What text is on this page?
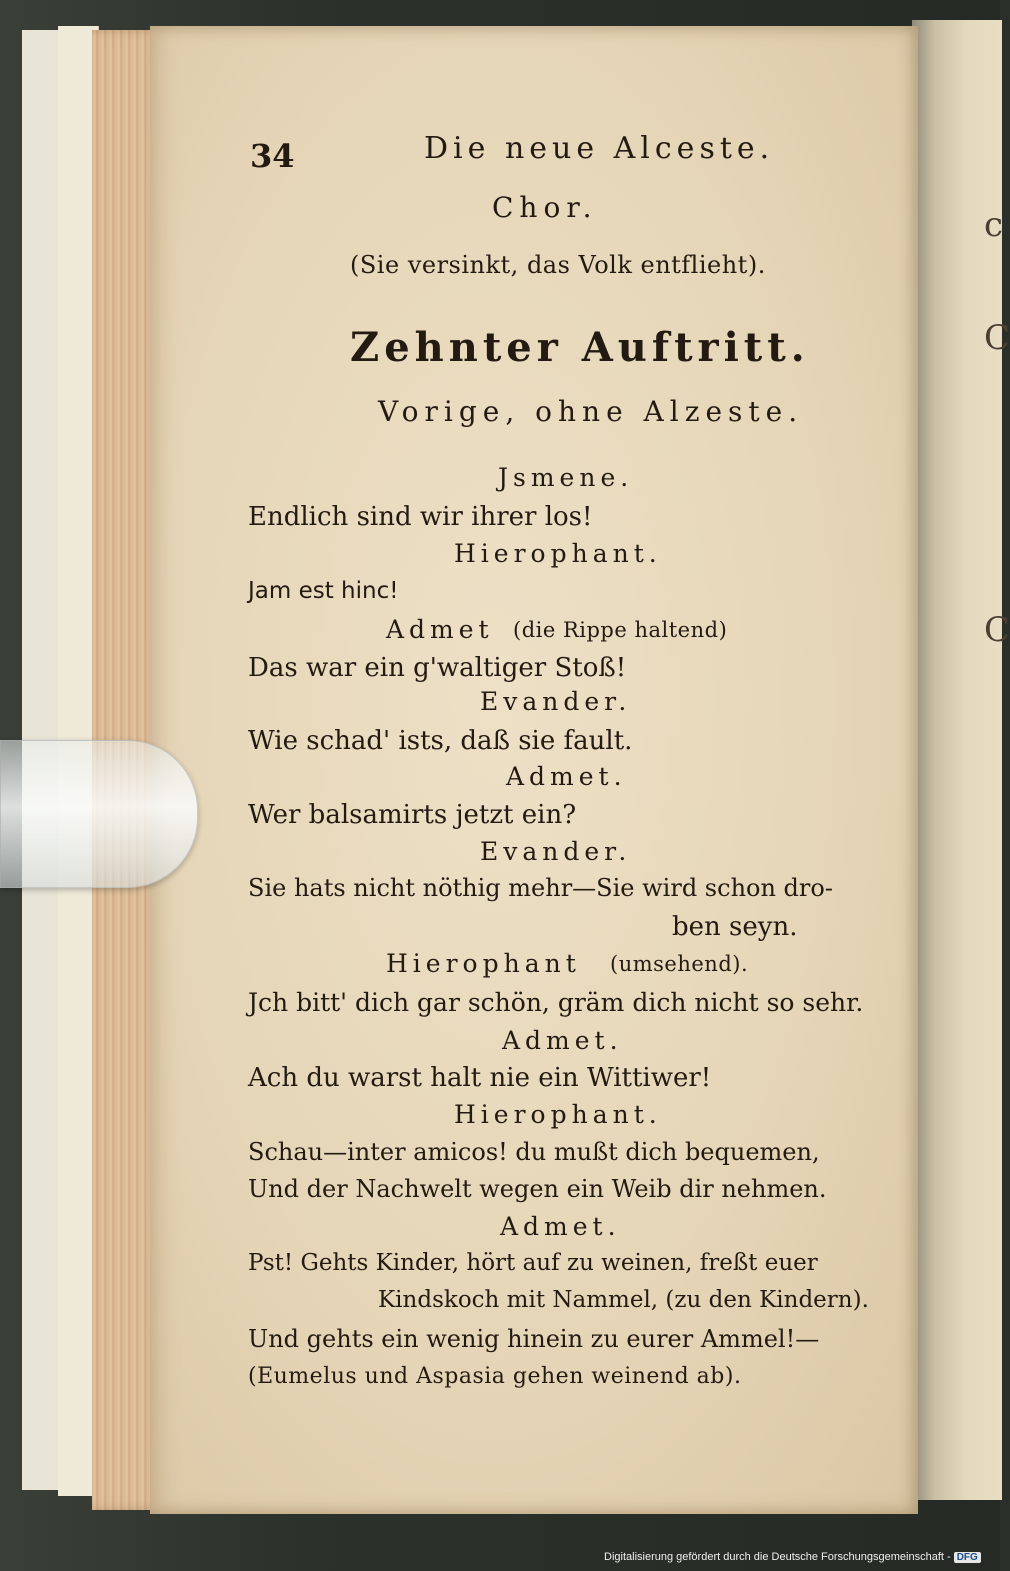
c
C
C
34	Die neue Alceste.
Chor.
(Sie versinkt, das Volk entflieht).
Zehnter Auftritt.
Vorige, ohne Alzeste.
Jsmene.
Endlich sind wir ihrer los!
Hierophant.
Jam est hinc!
Admet (die Rippe haltend)
Das war ein g'waltiger Stoß!
Evander.
Wie schad' ists, daß sie fault.
Admet.
Wer balsamirts jetzt ein?
Evander.
Sie hats nicht nöthig mehr—Sie wird schon dro-
ben seyn.
Hierophant (umsehend).
Jch bitt' dich gar schön, gräm dich nicht so sehr.
Admet.
Ach du warst halt nie ein Wittiwer!
Hierophant.
Schau—inter amicos! du mußt dich bequemen,
Und der Nachwelt wegen ein Weib dir nehmen.
Admet.
Pst! Gehts Kinder, hört auf zu weinen, freßt euer
Kindskoch mit Nammel, (zu den Kindern).
Und gehts ein wenig hinein zu eurer Ammel!—
(Eumelus und Aspasia gehen weinend ab).
Digitalisierung gefördert durch die Deutsche Forschungsgemeinschaft - DFG
